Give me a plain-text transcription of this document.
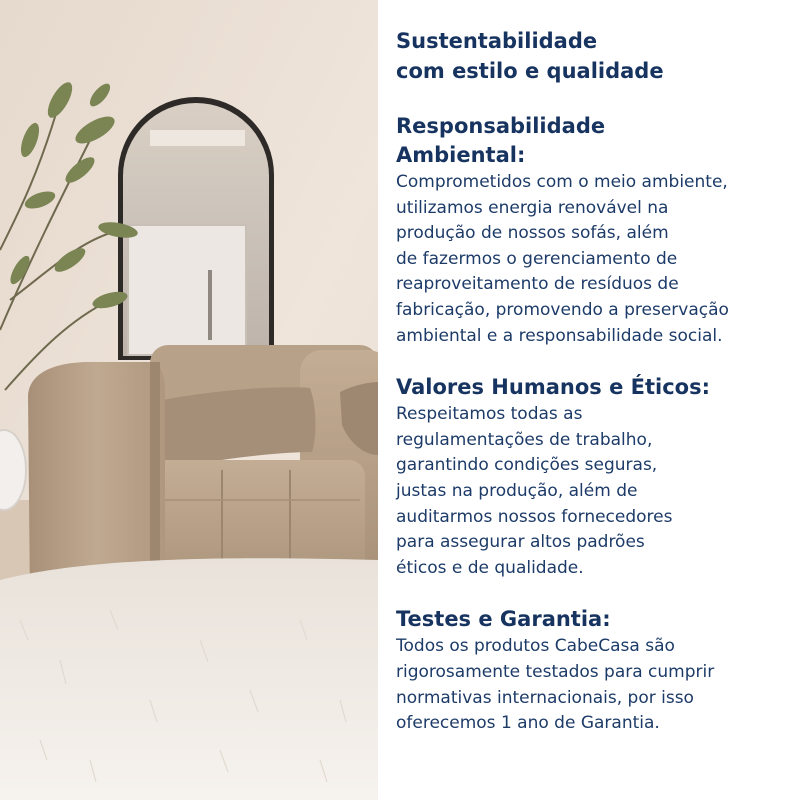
Sustentabilidade
com estilo e qualidade
Responsabilidade Ambiental:

Comprometidos com o meio ambiente,
utilizamos energia renovável na
produção de nossos sofás, além
de fazermos o gerenciamento de
reaproveitamento de resíduos de
fabricação, promovendo a preservação
ambiental e a responsabilidade social.

Valores Humanos e Éticos:

Respeitamos todas as
regulamentações de trabalho,
garantindo condições seguras,
justas na produção, além de
auditarmos nossos fornecedores
para assegurar altos padrões
éticos e de qualidade.

Testes e Garantia:

Todos os produtos CabeCasa são
rigorosamente testados para cumprir
normativas internacionais, por isso
oferecemos 1 ano de Garantia.
